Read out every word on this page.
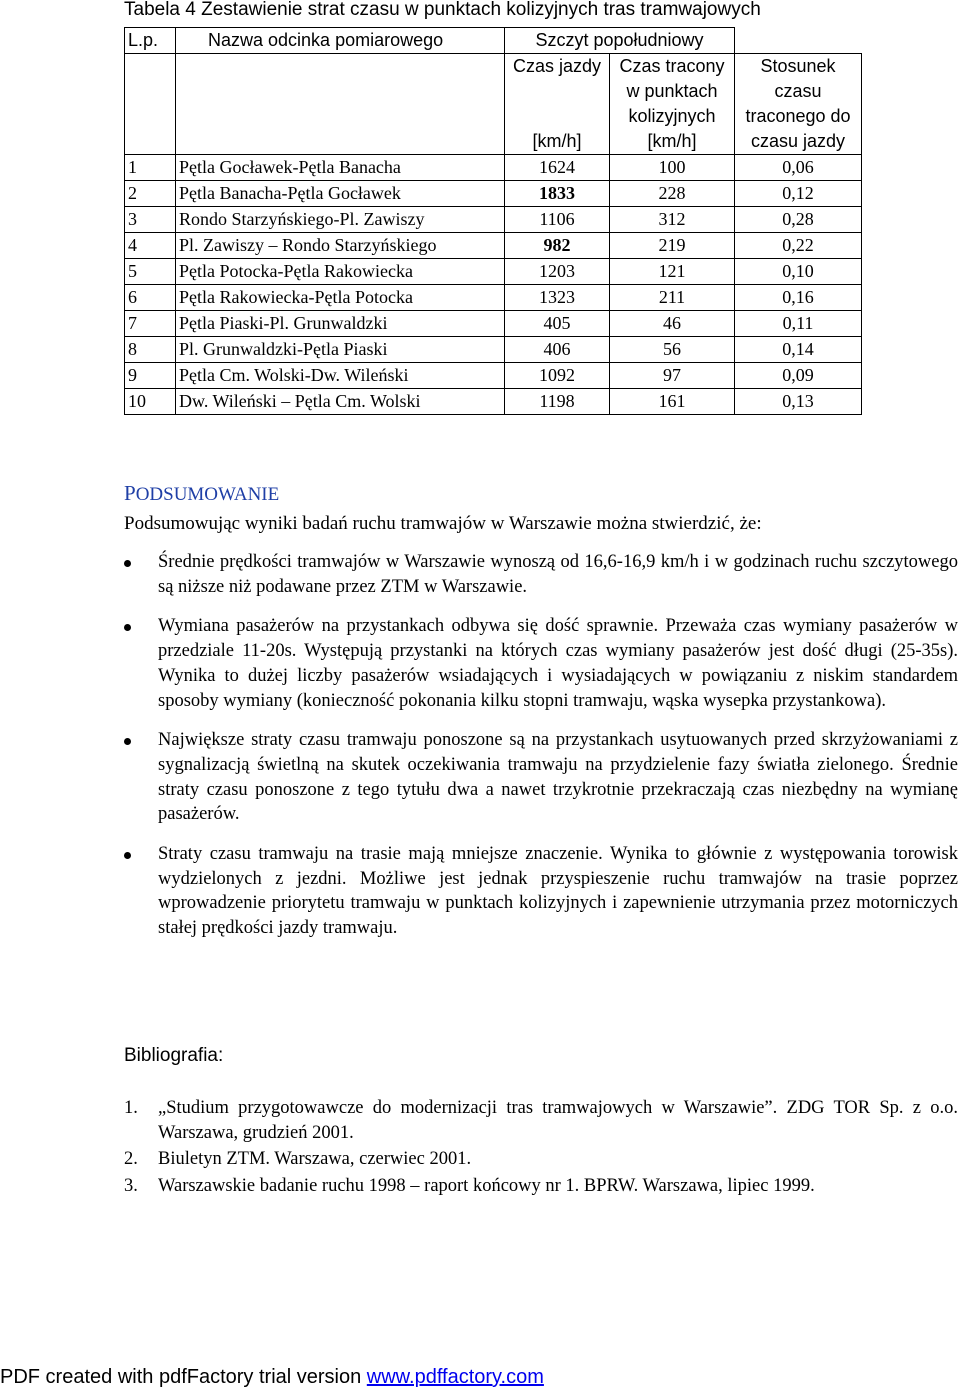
Tabela 4 Zestawienie strat czasu w punktach kolizyjnych tras tramwajowych
L.p.	Nazwa odcinka pomiarowego	Szczyt popołudniowy		
		Czas jazdy	Czas tracony w punktach kolizyjnych	Stosunek czasu traconego do czasu jazdy
		[km/h]	[km/h]	
1	Pętla Gocławek-Pętla Banacha	1624	100	0,06
2	Pętla Banacha-Pętla Gocławek	1833	228	0,12
3	Rondo Starzyńskiego-Pl. Zawiszy	1106	312	0,28
4	Pl. Zawiszy – Rondo Starzyńskiego	982	219	0,22
5	Pętla Potocka-Pętla Rakowiecka	1203	121	0,10
6	Pętla Rakowiecka-Pętla Potocka	1323	211	0,16
7	Pętla Piaski-Pl. Grunwaldzki	405	46	0,11
8	Pl. Grunwaldzki-Pętla Piaski	406	56	0,14
9	Pętla Cm. Wolski-Dw. Wileński	1092	97	0,09
10	Dw. Wileński – Pętla Cm. Wolski	1198	161	0,13
PODSUMOWANIE
Podsumowując wyniki badań ruchu tramwajów w Warszawie można stwierdzić, że:
Średnie prędkości tramwajów w Warszawie wynoszą od 16,6-16,9 km/h i w godzinach ruchu szczytowego są niższe niż podawane przez ZTM w Warszawie.
Wymiana pasażerów na przystankach odbywa się dość sprawnie. Przeważa czas wymiany pasażerów w przedziale 11-20s. Występują przystanki na których czas wymiany pasażerów jest dość długi (25-35s). Wynika to dużej liczby pasażerów wsiadających i wysiadających w powiązaniu z niskim standardem sposoby wymiany (konieczność pokonania kilku stopni tramwaju, wąska wysepka przystankowa).
Największe straty czasu tramwaju ponoszone są na przystankach usytuowanych przed skrzyżowaniami z sygnalizacją świetlną na skutek oczekiwania tramwaju na przydzielenie fazy światła zielonego. Średnie straty czasu ponoszone z tego tytułu dwa a nawet trzykrotnie przekraczają czas niezbędny na wymianę pasażerów.
Straty czasu tramwaju na trasie mają mniejsze znaczenie. Wynika to głównie z występowania torowisk wydzielonych z jezdni. Możliwe jest jednak przyspieszenie ruchu tramwajów na trasie poprzez wprowadzenie priorytetu tramwaju w punktach kolizyjnych i zapewnienie utrzymania przez motorniczych stałej prędkości jazdy tramwaju.
Bibliografia:
1. „Studium przygotowawcze do modernizacji tras tramwajowych w Warszawie”. ZDG TOR Sp. z o.o. Warszawa, grudzień 2001.
2. Biuletyn ZTM. Warszawa, czerwiec 2001.
3. Warszawskie badanie ruchu 1998 – raport końcowy nr 1. BPRW. Warszawa, lipiec 1999.
PDF created with pdfFactory trial version www.pdffactory.com
